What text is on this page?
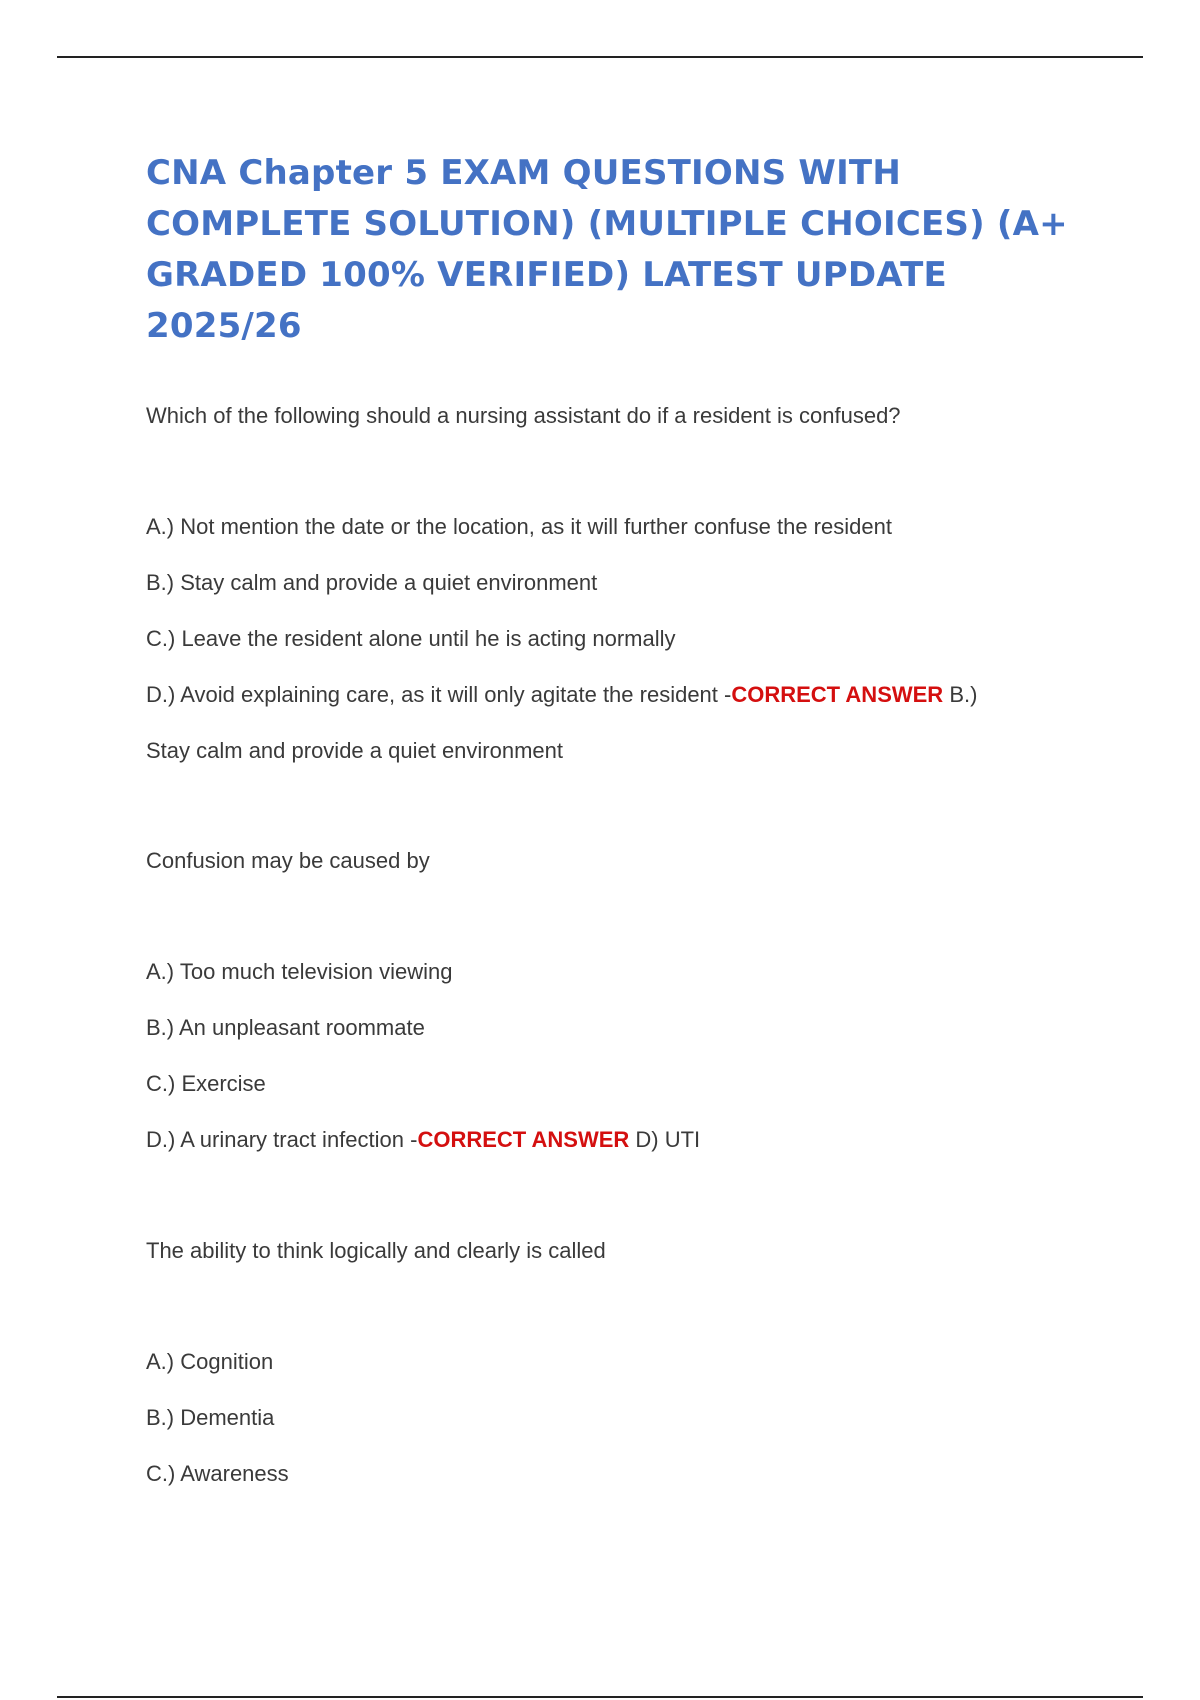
CNA Chapter 5 EXAM QUESTIONS WITH COMPLETE SOLUTION) (MULTIPLE CHOICES) (A+ GRADED 100% VERIFIED) LATEST UPDATE 2025/26

Which of the following should a nursing assistant do if a resident is confused?

A.) Not mention the date or the location, as it will further confuse the resident
B.) Stay calm and provide a quiet environment
C.) Leave the resident alone until he is acting normally
D.) Avoid explaining care, as it will only agitate the resident -CORRECT ANSWER B.)

Stay calm and provide a quiet environment

Confusion may be caused by

A.) Too much television viewing
B.) An unpleasant roommate
C.) Exercise
D.) A urinary tract infection -CORRECT ANSWER D) UTI

The ability to think logically and clearly is called

A.) Cognition
B.) Dementia
C.) Awareness
